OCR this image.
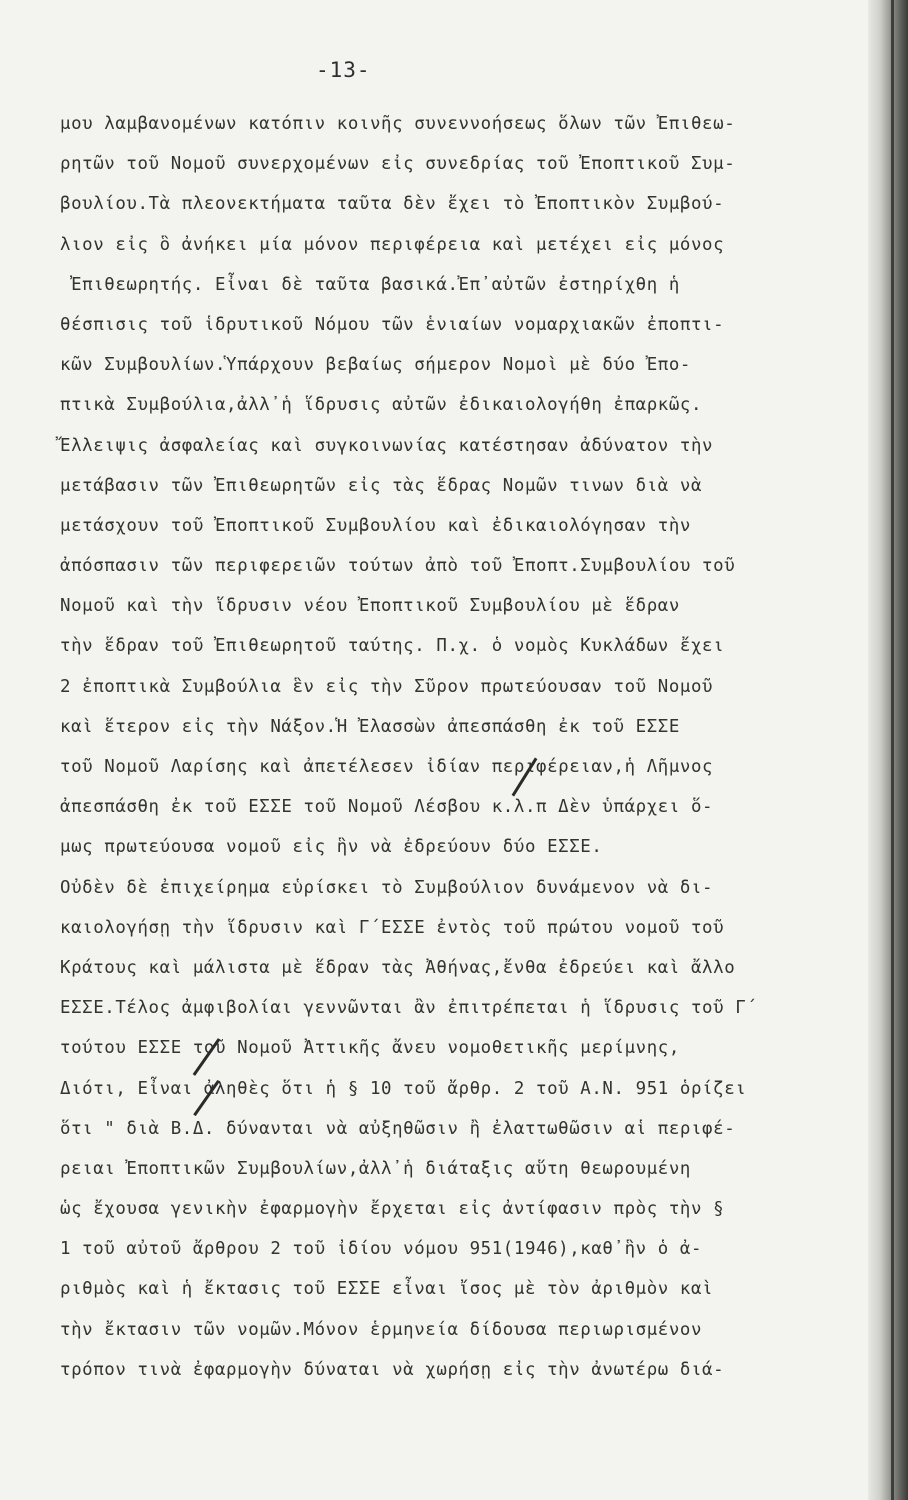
-13-
μου λαμβανομένων κατόπιν κοινῆς συνεννοήσεως ὅλων τῶν Ἐπιθεω-
ρητῶν τοῦ Νομοῦ συνερχομένων εἰς συνεδρίας τοῦ Ἐποπτικοῦ Συμ-
βουλίου.Τὰ πλεονεκτήματα ταῦτα δὲν ἔχει τὸ Ἐποπτικὸν Συμβού-
λιον εἰς ὃ ἀνήκει μία μόνον περιφέρεια καὶ μετέχει εἰς μόνος
Ἐπιθεωρητής. Εἶναι δὲ ταῦτα βασικά.Ἐπ᾽αὐτῶν ἐστηρίχθη ἡ
θέσπισις τοῦ ἱδρυτικοῦ Νόμου τῶν ἑνιαίων νομαρχιακῶν ἐποπτι-
κῶν Συμβουλίων.Ὑπάρχουν βεβαίως σήμερον Νομοὶ μὲ δύο Ἐπο-
πτικὰ Συμβούλια,ἀλλ᾽ἡ ἵδρυσις αὐτῶν ἐδικαιολογήθη ἐπαρκῶς.
Ἔλλειψις ἀσφαλείας καὶ συγκοινωνίας κατέστησαν ἀδύνατον τὴν
μετάβασιν τῶν Ἐπιθεωρητῶν εἰς τὰς ἕδρας Νομῶν τινων διὰ νὰ
μετάσχουν τοῦ Ἐποπτικοῦ Συμβουλίου καὶ ἐδικαιολόγησαν τὴν
ἀπόσπασιν τῶν περιφερειῶν τούτων ἀπὸ τοῦ Ἐποπτ.Συμβουλίου τοῦ
Νομοῦ καὶ τὴν ἵδρυσιν νέου Ἐποπτικοῦ Συμβουλίου μὲ ἕδραν
τὴν ἕδραν τοῦ Ἐπιθεωρητοῦ ταύτης. Π.χ. ὁ νομὸς Κυκλάδων ἔχει
2 ἐποπτικὰ Συμβούλια ἓν εἰς τὴν Σῦρον πρωτεύουσαν τοῦ Νομοῦ
καὶ ἕτερον εἰς τὴν Νάξον.Ἡ Ἐλασσὼν ἀπεσπάσθη ἐκ τοῦ ΕΣΣΕ
τοῦ Νομοῦ Λαρίσης καὶ ἀπετέλεσεν ἰδίαν περιφέρειαν,ἡ Λῆμνος
ἀπεσπάσθη ἐκ τοῦ ΕΣΣΕ τοῦ Νομοῦ Λέσβου κ.λ.π Δὲν ὑπάρχει ὅ-
μως πρωτεύουσα νομοῦ εἰς ἣν νὰ ἐδρεύουν δύο ΕΣΣΕ.
Οὐδὲν δὲ ἐπιχείρημα εὑρίσκει τὸ Συμβούλιον δυνάμενον νὰ δι-
καιολογήσῃ τὴν ἵδρυσιν καὶ Γ´ΕΣΣΕ ἐντὸς τοῦ πρώτου νομοῦ τοῦ
Κράτους καὶ μάλιστα μὲ ἕδραν τὰς Ἀθήνας,ἔνθα ἐδρεύει καὶ ἄλλο
ΕΣΣΕ.Τέλος ἀμφιβολίαι γεννῶνται ἂν ἐπιτρέπεται ἡ ἵδρυσις τοῦ Γ´
τούτου ΕΣΣΕ τοῦ Νομοῦ Ἀττικῆς ἄνευ νομοθετικῆς μερίμνης,
Διότι, Εἶναι ἀληθὲς ὅτι ἡ § 10 τοῦ ἄρθρ. 2 τοῦ Α.Ν. 951 ὁρίζει
ὅτι " διὰ Β.Δ. δύνανται νὰ αὐξηθῶσιν ἢ ἐλαττωθῶσιν αἱ περιφέ-
ρειαι Ἐποπτικῶν Συμβουλίων,ἀλλ᾽ἡ διάταξις αὕτη θεωρουμένη
ὡς ἔχουσα γενικὴν ἐφαρμογὴν ἔρχεται εἰς ἀντίφασιν πρὸς τὴν §
1 τοῦ αὐτοῦ ἄρθρου 2 τοῦ ἰδίου νόμου 951(1946),καθ᾽ἣν ὁ ἀ-
ριθμὸς καὶ ἡ ἔκτασις τοῦ ΕΣΣΕ εἶναι ἴσος μὲ τὸν ἀριθμὸν καὶ
τὴν ἔκτασιν τῶν νομῶν.Μόνον ἑρμηνεία δίδουσα περιωρισμένον
τρόπον τινὰ ἐφαρμογὴν δύναται νὰ χωρήσῃ εἰς τὴν ἀνωτέρω διά-
